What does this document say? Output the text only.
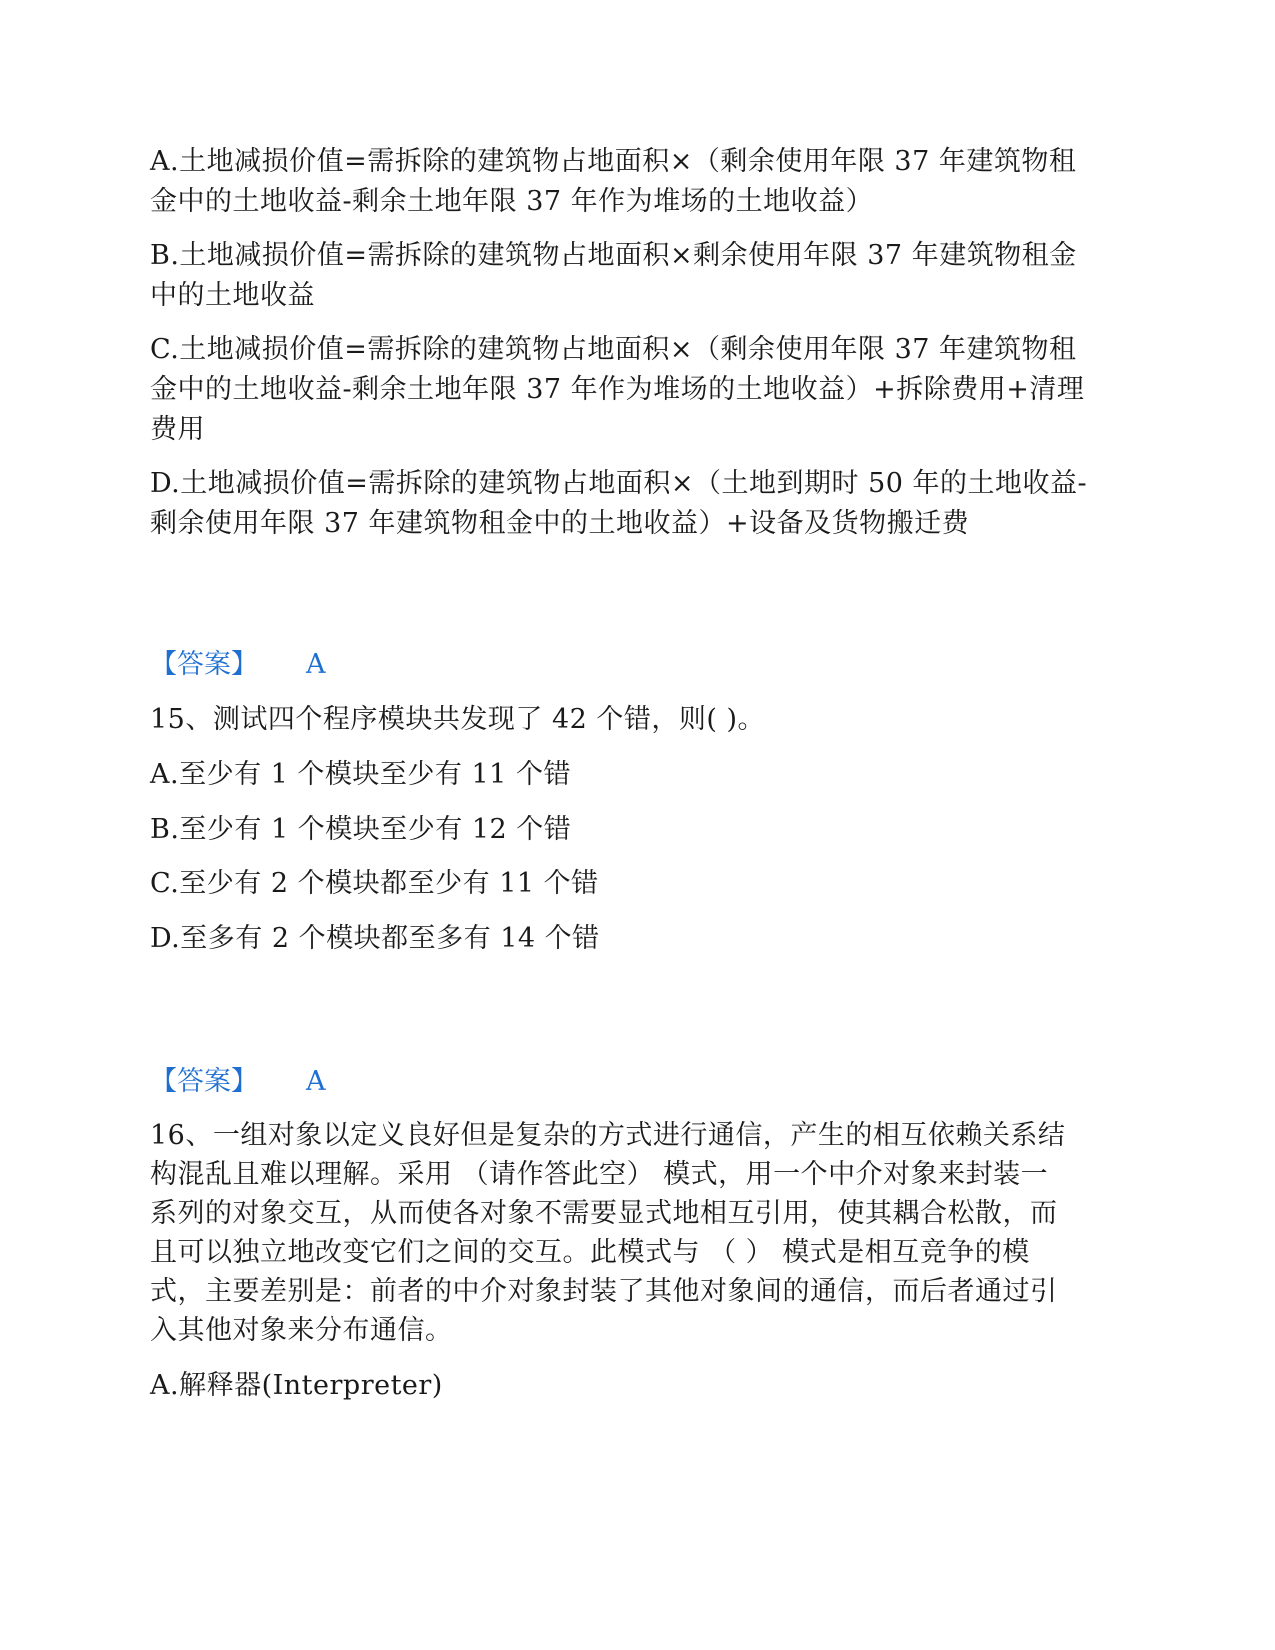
A.土地减损价值=需拆除的建筑物占地面积×（剩余使用年限 37 年建筑物租
金中的土地收益-剩余土地年限 37 年作为堆场的土地收益）
B.土地减损价值=需拆除的建筑物占地面积×剩余使用年限 37 年建筑物租金
中的土地收益
C.土地减损价值=需拆除的建筑物占地面积×（剩余使用年限 37 年建筑物租
金中的土地收益-剩余土地年限 37 年作为堆场的土地收益）+拆除费用+清理
费用
D.土地减损价值=需拆除的建筑物占地面积×（土地到期时 50 年的土地收益-
剩余使用年限 37 年建筑物租金中的土地收益）+设备及货物搬迁费
【答案】 A
15、测试四个程序模块共发现了 42 个错，则( )。
A.至少有 1 个模块至少有 11 个错
B.至少有 1 个模块至少有 12 个错
C.至少有 2 个模块都至少有 11 个错
D.至多有 2 个模块都至多有 14 个错
【答案】 A
16、一组对象以定义良好但是复杂的方式进行通信，产生的相互依赖关系结
构混乱且难以理解。采用 （请作答此空） 模式，用一个中介对象来封装一
系列的对象交互，从而使各对象不需要显式地相互引用，使其耦合松散，而
且可以独立地改变它们之间的交互。此模式与 （ ） 模式是相互竞争的模
式，主要差别是：前者的中介对象封装了其他对象间的通信，而后者通过引
入其他对象来分布通信。
A.解释器(Interpreter)
